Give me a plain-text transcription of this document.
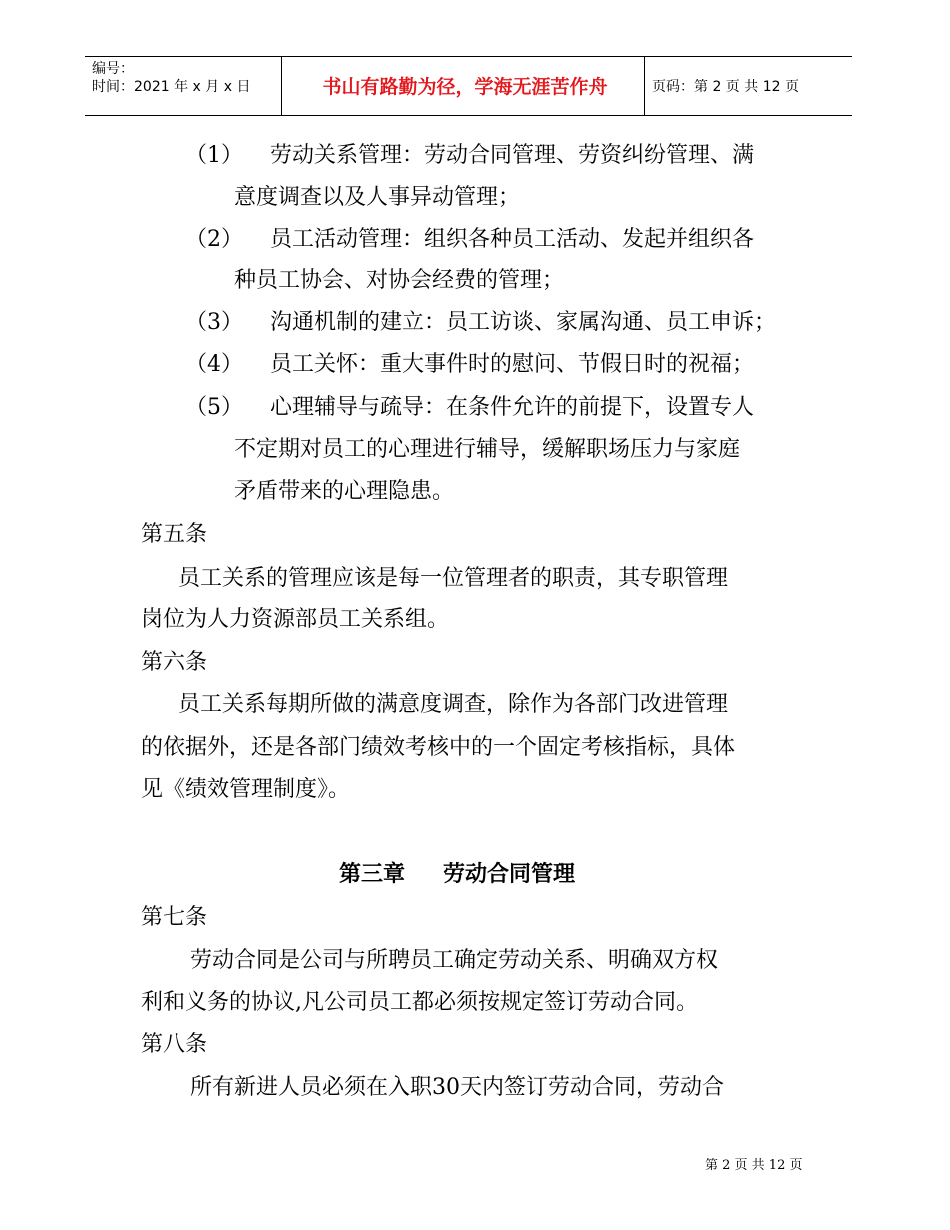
编号：
时间：2021 年 x 月 x 日	书山有路勤为径，学海无涯苦作舟	页码：第 2 页 共 12 页
（1） 劳动关系管理：劳动合同管理、劳资纠纷管理、满
意度调查以及人事异动管理；
（2） 员工活动管理：组织各种员工活动、发起并组织各
种员工协会、对协会经费的管理；
（3） 沟通机制的建立：员工访谈、家属沟通、员工申诉；
（4） 员工关怀：重大事件时的慰问、节假日时的祝福；
（5） 心理辅导与疏导：在条件允许的前提下，设置专人
不定期对员工的心理进行辅导，缓解职场压力与家庭
矛盾带来的心理隐患。
第五条
员工关系的管理应该是每一位管理者的职责，其专职管理
岗位为人力资源部员工关系组。
第六条
员工关系每期所做的满意度调查，除作为各部门改进管理
的依据外，还是各部门绩效考核中的一个固定考核指标，具体
见《绩效管理制度》。
第三章 劳动合同管理
第七条
劳动合同是公司与所聘员工确定劳动关系、明确双方权
利和义务的协议,凡公司员工都必须按规定签订劳动合同。
第八条
所有新进人员必须在入职30天内签订劳动合同，劳动合
第 2 页 共 12 页
